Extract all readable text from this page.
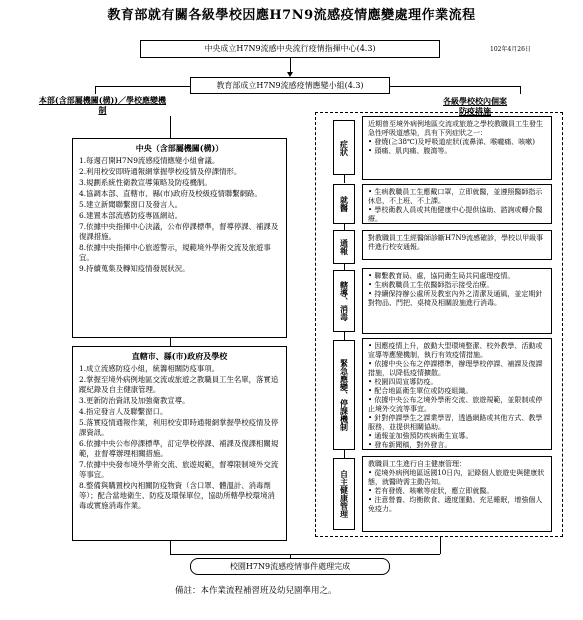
教育部就有關各級學校因應H7N9流感疫情應變處理作業流程
102年4月26日
中央成立H7N9流感中央流行疫情指揮中心(4.3)
教育部成立H7N9流感疫情應變小組(4.3)
本部(含部屬機關(構))／學校應變機制
各級學校校內個案防疫措施
中央（含部屬機關(構)）
1.每週召開H7N9流感疫情應變小組會議。
2.利用校安即時通報網掌握學校疫情及停課情形。
3.規劃系統性衛教宣導策略及防疫機制。
4.協調本部、直轄市、縣(市)政府及校級疫情聯繫網路。
5.建立新聞聯繫窗口及發言人。
6.建置本部流感防疫專區網站。
7.依據中央指揮中心決議，公布停課標準，督導停課、補課及復課措施。
8.依據中央指揮中心旅遊警示，規範境外學術交流及旅遊事宜。
9.持續蒐集及轉知疫情發展狀況。
直轄市、縣(市)政府及學校
1.成立流感防疫小組，統籌相關防疫事項。
2.掌握至境外病例地區交流或旅遊之教職員工生名單，落實追蹤紀錄及自主健康管理。
3.更新防治資訊及加強衛教宣導。
4.指定發言人及聯繫窗口。
5.落實疫情通報作業，利用校安即時通報網掌握學校疫情及停課資訊。
6.依據中央公布停課標準，訂定學校停課、補課及復課相關規範，並督導辦理相關措施。
7.依據中央發布境外學術交流、旅遊規範，督導限制境外交流等事宜。
8.整備與購置校內相關防疫物資（含口罩、體溫計、消毒劑等）；配合當地衛生、防疫及環保單位，協助所轄學校環境消毒或實施消毒作業。
症狀
近期曾至境外病例地區交流或旅遊之學校教職員工生發生急性呼吸道感染，具有下列症狀之一：
• 發燒(≧38℃)及呼吸道症狀(流鼻涕、喉嚨痛、咳嗽)
• 頭痛、肌肉痛、腹瀉等。
就醫
• 生病教職員工生應戴口罩，立即就醫，並遵照醫師指示休息，不上班、不上課。
• 學校衛教人員或其他健康中心提供協助、諮詢或轉介醫療。
通報
對教職員工生經醫師診斷H7N9流感確診，學校以甲級事件進行校安通報。
轄導、消毒
• 聯繫教育局、處，協同衛生局共同處理疫情。
• 生病教職員工生依醫師指示接受治療。
• 持續保持辦公處所及教室內外之清潔及通風，並定期針對物品、門把、桌椅及相關設施進行消毒。
緊急應變、停課機制
• 因應疫情上升，啟動大型環境整潔、校外教學、活動或宣導等應變機制，執行有效疫情措施。
• 依據中央公布之停課標準，辦理學校停課、補課及復課措施，以降低疫情擴散。
• 校園四周宣導防疫。
• 配合地區衛生單位或防疫組織。
• 依據中央公布之境外學術交流、旅遊規範，並限制或停止境外交流等事宜。
• 針對停課學生之課業學習，透過網路或其他方式、教學服務，並提供相關協助。
• 通報並加強預防疾病衛生宣導。
• 發布新聞稿，對外發言。
自主健康管理
教職員工生進行自主健康管理：
• 從境外病例地區返國10日內，記錄個人旅遊史與健康狀態，就醫時需主動告知。
• 若有發燒、咳嗽等症狀，應立即就醫。
• 注意營養、均衡飲食、適度運動、充足睡眠，增強個人免疫力。
校園H7N9流感疫情事件處理完成
備註：本作業流程補習班及幼兒園準用之。
